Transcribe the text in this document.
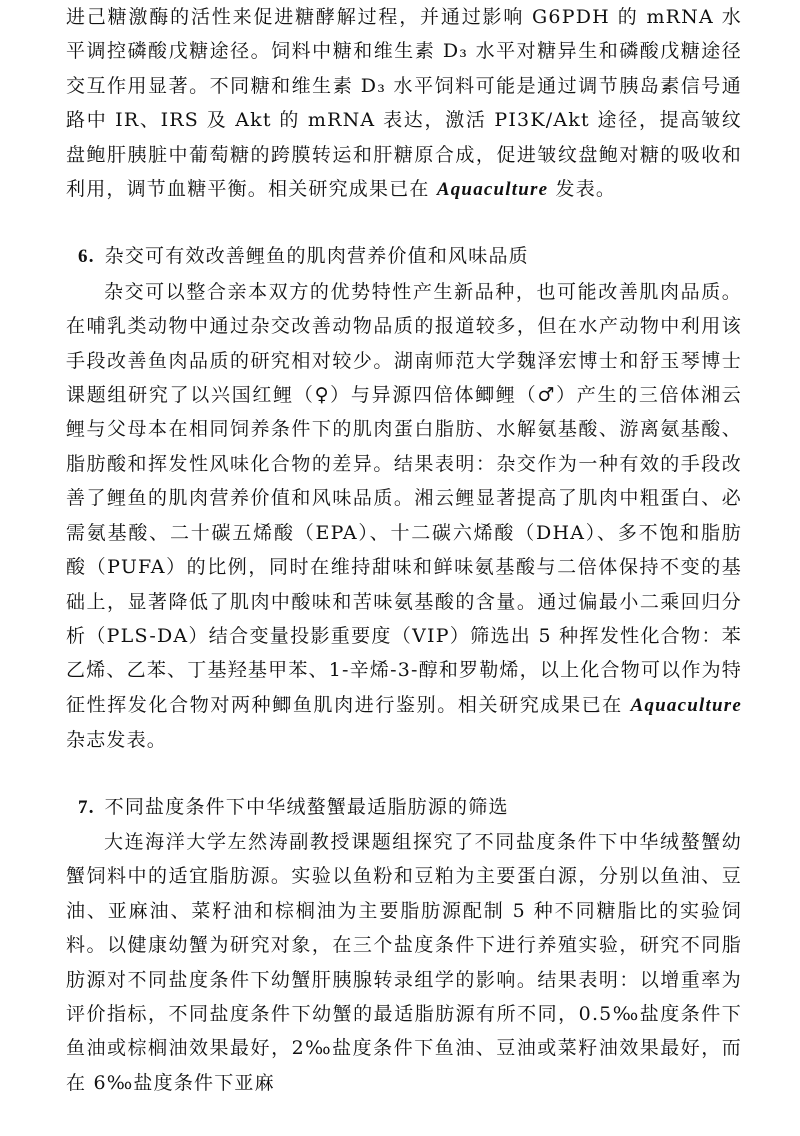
进己糖激酶的活性来促进糖酵解过程，并通过影响 G6PDH 的 mRNA 水平调控磷酸戊糖途径。饲料中糖和维生素 D₃ 水平对糖异生和磷酸戊糖途径交互作用显著。不同糖和维生素 D₃ 水平饲料可能是通过调节胰岛素信号通路中 IR、IRS 及 Akt 的 mRNA 表达，激活 PI3K/Akt 途径，提高皱纹盘鲍肝胰脏中葡萄糖的跨膜转运和肝糖原合成，促进皱纹盘鲍对糖的吸收和利用，调节血糖平衡。相关研究成果已在 Aquaculture 发表。

6. 杂交可有效改善鲤鱼的肌肉营养价值和风味品质

杂交可以整合亲本双方的优势特性产生新品种，也可能改善肌肉品质。在哺乳类动物中通过杂交改善动物品质的报道较多，但在水产动物中利用该手段改善鱼肉品质的研究相对较少。湖南师范大学魏泽宏博士和舒玉琴博士课题组研究了以兴国红鲤（♀）与异源四倍体鲫鲤（♂）产生的三倍体湘云鲤与父母本在相同饲养条件下的肌肉蛋白脂肪、水解氨基酸、游离氨基酸、脂肪酸和挥发性风味化合物的差异。结果表明：杂交作为一种有效的手段改善了鲤鱼的肌肉营养价值和风味品质。湘云鲤显著提高了肌肉中粗蛋白、必需氨基酸、二十碳五烯酸（EPA）、十二碳六烯酸（DHA）、多不饱和脂肪酸（PUFA）的比例，同时在维持甜味和鲜味氨基酸与二倍体保持不变的基础上，显著降低了肌肉中酸味和苦味氨基酸的含量。通过偏最小二乘回归分析（PLS-DA）结合变量投影重要度（VIP）筛选出 5 种挥发性化合物：苯乙烯、乙苯、丁基羟基甲苯、1-辛烯-3-醇和罗勒烯，以上化合物可以作为特征性挥发化合物对两种鲫鱼肌肉进行鉴别。相关研究成果已在 Aquaculture 杂志发表。

7. 不同盐度条件下中华绒螯蟹最适脂肪源的筛选

大连海洋大学左然涛副教授课题组探究了不同盐度条件下中华绒螯蟹幼蟹饲料中的适宜脂肪源。实验以鱼粉和豆粕为主要蛋白源，分别以鱼油、豆油、亚麻油、菜籽油和棕榈油为主要脂肪源配制 5 种不同糖脂比的实验饲料。以健康幼蟹为研究对象，在三个盐度条件下进行养殖实验，研究不同脂肪源对不同盐度条件下幼蟹肝胰腺转录组学的影响。结果表明：以增重率为评价指标，不同盐度条件下幼蟹的最适脂肪源有所不同，0.5‰盐度条件下鱼油或棕榈油效果最好，2‰盐度条件下鱼油、豆油或菜籽油效果最好，而在 6‰盐度条件下亚麻
